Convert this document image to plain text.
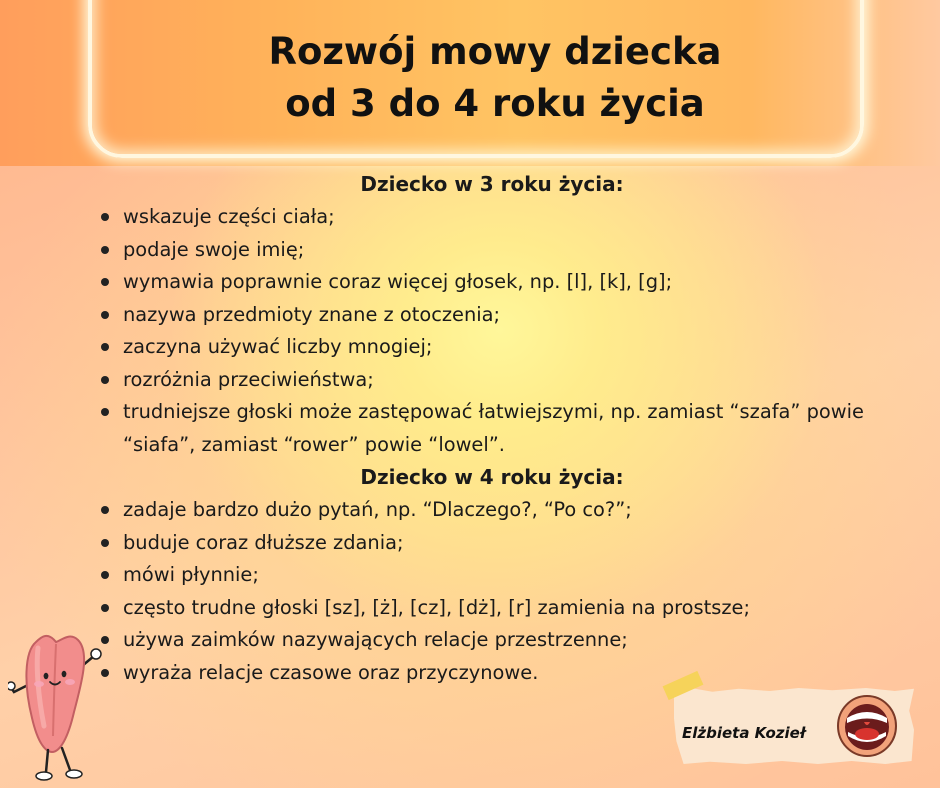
Rozwój mowy dziecka
od 3 do 4 roku życia
Dziecko w 3 roku życia:
wskazuje części ciała;
podaje swoje imię;
wymawia poprawnie coraz więcej głosek, np. [l], [k], [g];
nazywa przedmioty znane z otoczenia;
zaczyna używać liczby mnogiej;
rozróżnia przeciwieństwa;
trudniejsze głoski może zastępować łatwiejszymi, np. zamiast “szafa” powie “siafa”, zamiast “rower” powie “lowel”.
Dziecko w 4 roku życia:
zadaje bardzo dużo pytań, np. “Dlaczego?, “Po co?”;
buduje coraz dłuższe zdania;
mówi płynnie;
często trudne głoski [sz], [ż], [cz], [dż], [r] zamienia na prostsze;
używa zaimków nazywających relacje przestrzenne;
wyraża relacje czasowe oraz przyczynowe.
Elżbieta Kozieł
